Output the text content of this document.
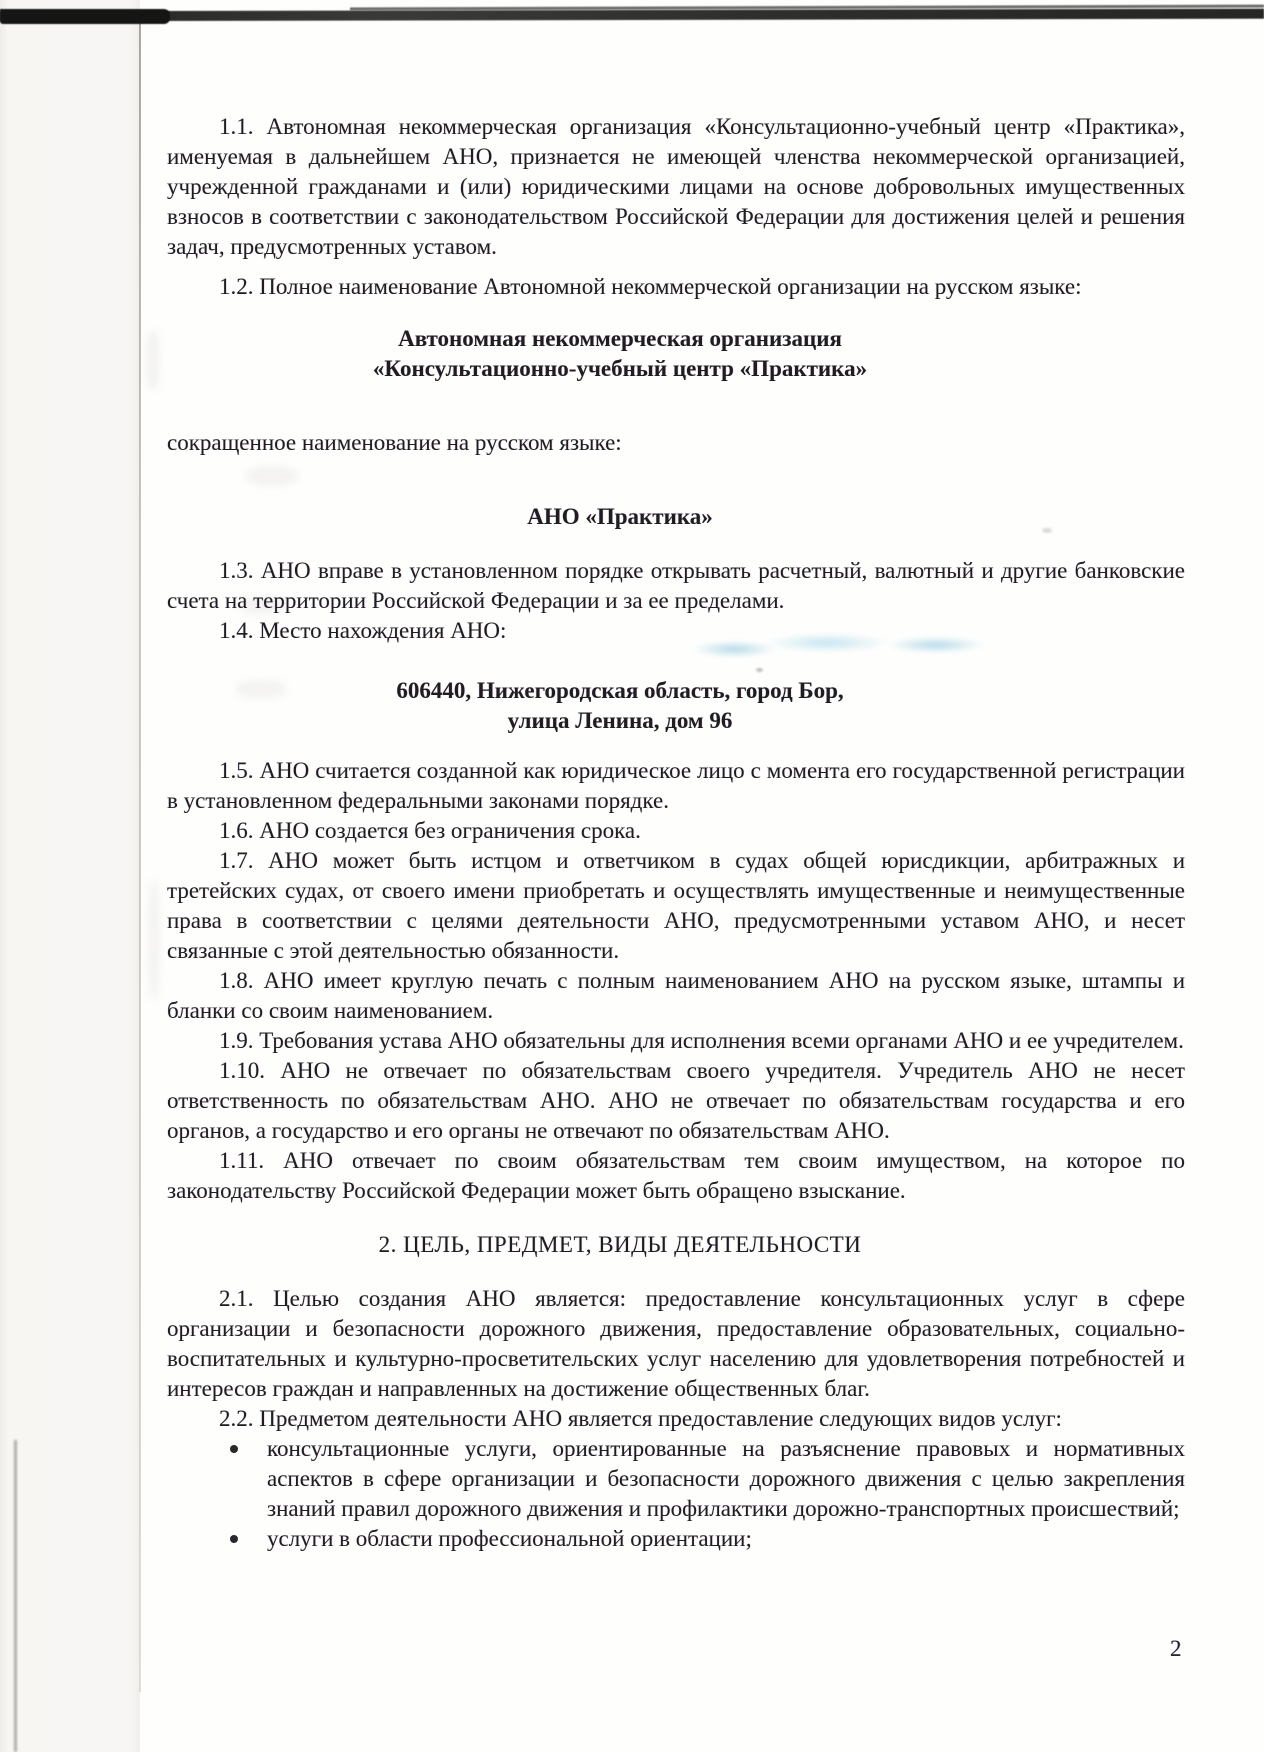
1.1. Автономная некоммерческая организация «Консультационно-учебный центр «Практика», именуемая в дальнейшем АНО, признается не имеющей членства некоммерческой организацией, учрежденной гражданами и (или) юридическими лицами на основе добровольных имущественных взносов в соответствии с законодательством Российской Федерации для достижения целей и решения задач, предусмотренных уставом.

1.2. Полное наименование Автономной некоммерческой организации на русском языке:

Автономная некоммерческая организация

«Консультационно-учебный центр «Практика»

сокращенное наименование на русском языке:

АНО «Практика»

1.3. АНО вправе в установленном порядке открывать расчетный, валютный и другие банковские счета на территории Российской Федерации и за ее пределами.

1.4. Место нахождения АНО:

606440, Нижегородская область, город Бор,

улица Ленина, дом 96

1.5. АНО считается созданной как юридическое лицо с момента его государственной регистрации в установленном федеральными законами порядке.

1.6. АНО создается без ограничения срока.

1.7. АНО может быть истцом и ответчиком в судах общей юрисдикции, арбитражных и третейских судах, от своего имени приобретать и осуществлять имущественные и неимущественные права в соответствии с целями деятельности АНО, предусмотренными уставом АНО, и несет связанные с этой деятельностью обязанности.

1.8. АНО имеет круглую печать с полным наименованием АНО на русском языке, штампы и бланки со своим наименованием.

1.9. Требования устава АНО обязательны для исполнения всеми органами АНО и ее учредителем.

1.10. АНО не отвечает по обязательствам своего учредителя. Учредитель АНО не несет ответственность по обязательствам АНО. АНО не отвечает по обязательствам государства и его органов, а государство и его органы не отвечают по обязательствам АНО.

1.11. АНО отвечает по своим обязательствам тем своим имуществом, на которое по законодательству Российской Федерации может быть обращено взыскание.

2. ЦЕЛЬ, ПРЕДМЕТ, ВИДЫ ДЕЯТЕЛЬНОСТИ

2.1. Целью создания АНО является: предоставление консультационных услуг в сфере организации и безопасности дорожного движения, предоставление образовательных, социально-воспитательных и культурно-просветительских услуг населению для удовлетворения потребностей и интересов граждан и направленных на достижение общественных благ.

2.2. Предметом деятельности АНО является предоставление следующих видов услуг:

консультационные услуги, ориентированные на разъяснение правовых и нормативных аспектов в сфере организации и безопасности дорожного движения с целью закрепления знаний правил дорожного движения и профилактики дорожно-транспортных происшествий;
услуги в области профессиональной ориентации;
2
